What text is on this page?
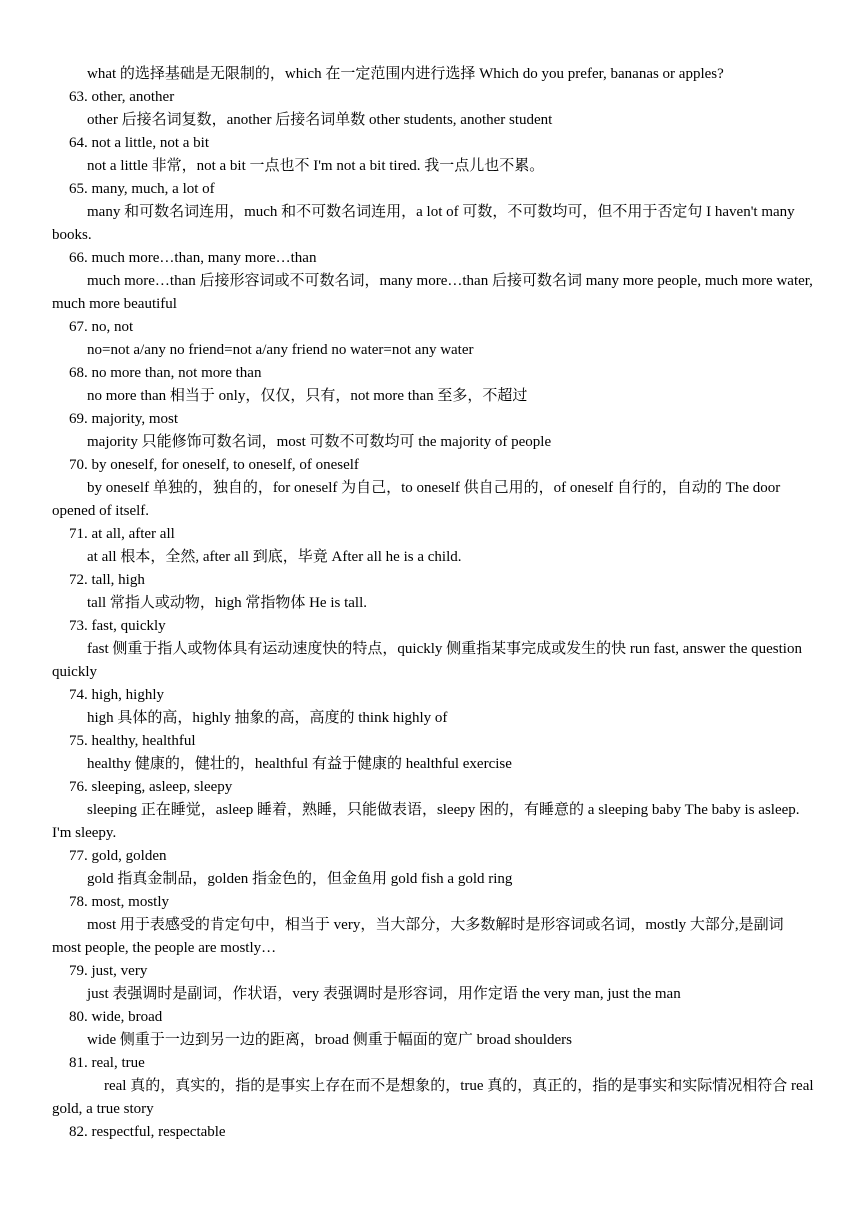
what 的选择基础是无限制的，which 在一定范围内进行选择 Which do you prefer, bananas or apples?

63. other, another

other 后接名词复数，another 后接名词单数 other students, another student

64. not a little, not a bit

not a little 非常，not a bit 一点也不 I'm not a bit tired. 我一点儿也不累。

65. many, much, a lot of

many 和可数名词连用，much 和不可数名词连用，a lot of 可数，不可数均可，但不用于否定句 I haven't many books.

66. much more…than, many more…than

much more…than 后接形容词或不可数名词，many more…than 后接可数名词 many more people, much more water, much more beautiful

67. no, not

no=not a/any no friend=not a/any friend no water=not any water

68. no more than, not more than

no more than 相当于 only，仅仅，只有，not more than 至多，不超过

69. majority, most

majority 只能修饰可数名词，most 可数不可数均可 the majority of people

70. by oneself, for oneself, to oneself, of oneself

by oneself 单独的，独自的，for oneself 为自己，to oneself 供自己用的，of oneself 自行的，自动的 The door opened of itself.

71. at all, after all

at all 根本，全然, after all 到底，毕竟 After all he is a child.

72. tall, high

tall 常指人或动物，high 常指物体 He is tall.

73. fast, quickly

fast 侧重于指人或物体具有运动速度快的特点，quickly 侧重指某事完成或发生的快 run fast, answer the question quickly

74. high, highly

high 具体的高，highly 抽象的高，高度的 think highly of

75. healthy, healthful

healthy 健康的，健壮的，healthful 有益于健康的 healthful exercise

76. sleeping, asleep, sleepy

sleeping 正在睡觉，asleep 睡着，熟睡，只能做表语，sleepy 困的，有睡意的 a sleeping baby The baby is asleep. I'm sleepy.

77. gold, golden

gold 指真金制品，golden 指金色的，但金鱼用 gold fish a gold ring

78. most, mostly

most 用于表感受的肯定句中，相当于 very，当大部分，大多数解时是形容词或名词，mostly 大部分,是副词 most people, the people are mostly…

79. just, very

just 表强调时是副词，作状语，very 表强调时是形容词，用作定语 the very man, just the man

80. wide, broad

wide 侧重于一边到另一边的距离，broad 侧重于幅面的宽广 broad shoulders

81. real, true

real 真的，真实的，指的是事实上存在而不是想象的，true 真的，真正的，指的是事实和实际情况相符合 real gold, a true story

82. respectful, respectable
